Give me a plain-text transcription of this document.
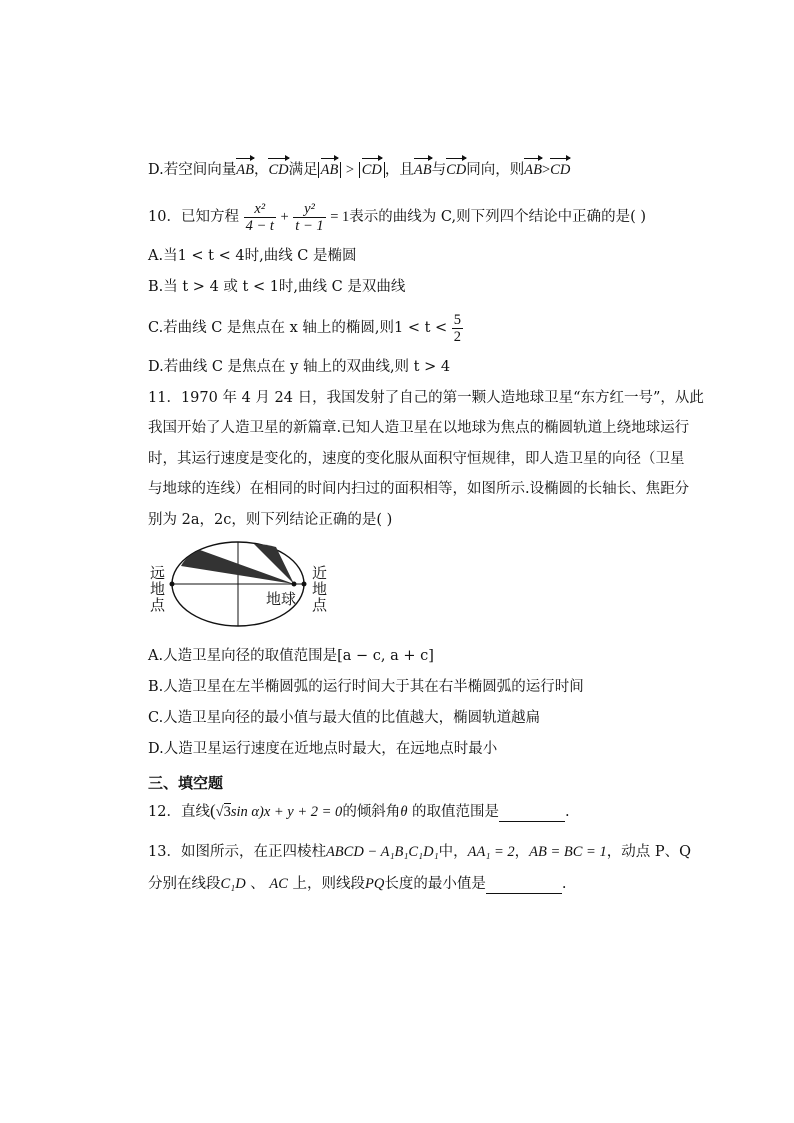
D.若空间向量AB，CD满足 AB > CD ，且AB与CD同向，则AB>CD
10．已知方程 $\frac{\text{x²}}{4 - t} + \frac{\text{y²}}{t - 1} = 1$表示的曲线为 C,则下列四个结论中正确的是( )
A.当1 < t < 4时,曲线 C 是椭圆
B.当 t > 4 或 t < 1时,曲线 C 是双曲线
C.若曲线 C 是焦点在 x 轴上的椭圆,则$1 < t < \frac{5}{2}$
D.若曲线 C 是焦点在 y 轴上的双曲线,则 t > 4
11．1970 年 4 月 24 日，我国发射了自己的第一颗人造地球卫星“东方红一号”，从此
我国开始了人造卫星的新篇章.已知人造卫星在以地球为焦点的椭圆轨道上绕地球运行
时，其运行速度是变化的，速度的变化服从面积守恒规律，即人造卫星的向径（卫星
与地球的连线）在相同的时间内扫过的面积相等，如图所示.设椭圆的长轴长、焦距分
别为 2a，2c，则下列结论正确的是( )
远
地
点
近
地
点
地球
A.人造卫星向径的取值范围是[a − c, a + c]
B.人造卫星在左半椭圆弧的运行时间大于其在右半椭圆弧的运行时间
C.人造卫星向径的最小值与最大值的比值越大，椭圆轨道越扁
D.人造卫星运行速度在近地点时最大，在远地点时最小
三、填空题
12．直线(√3sin α)x + y + 2 = 0的倾斜角θ 的取值范围是	.
13．如图所示，在正四棱柱ABCD − A₁B₁C₁D₁中，AA₁ = 2，AB = BC = 1，动点 P、Q
分别在线段C₁D 、 AC 上，则线段PQ长度的最小值是	.
